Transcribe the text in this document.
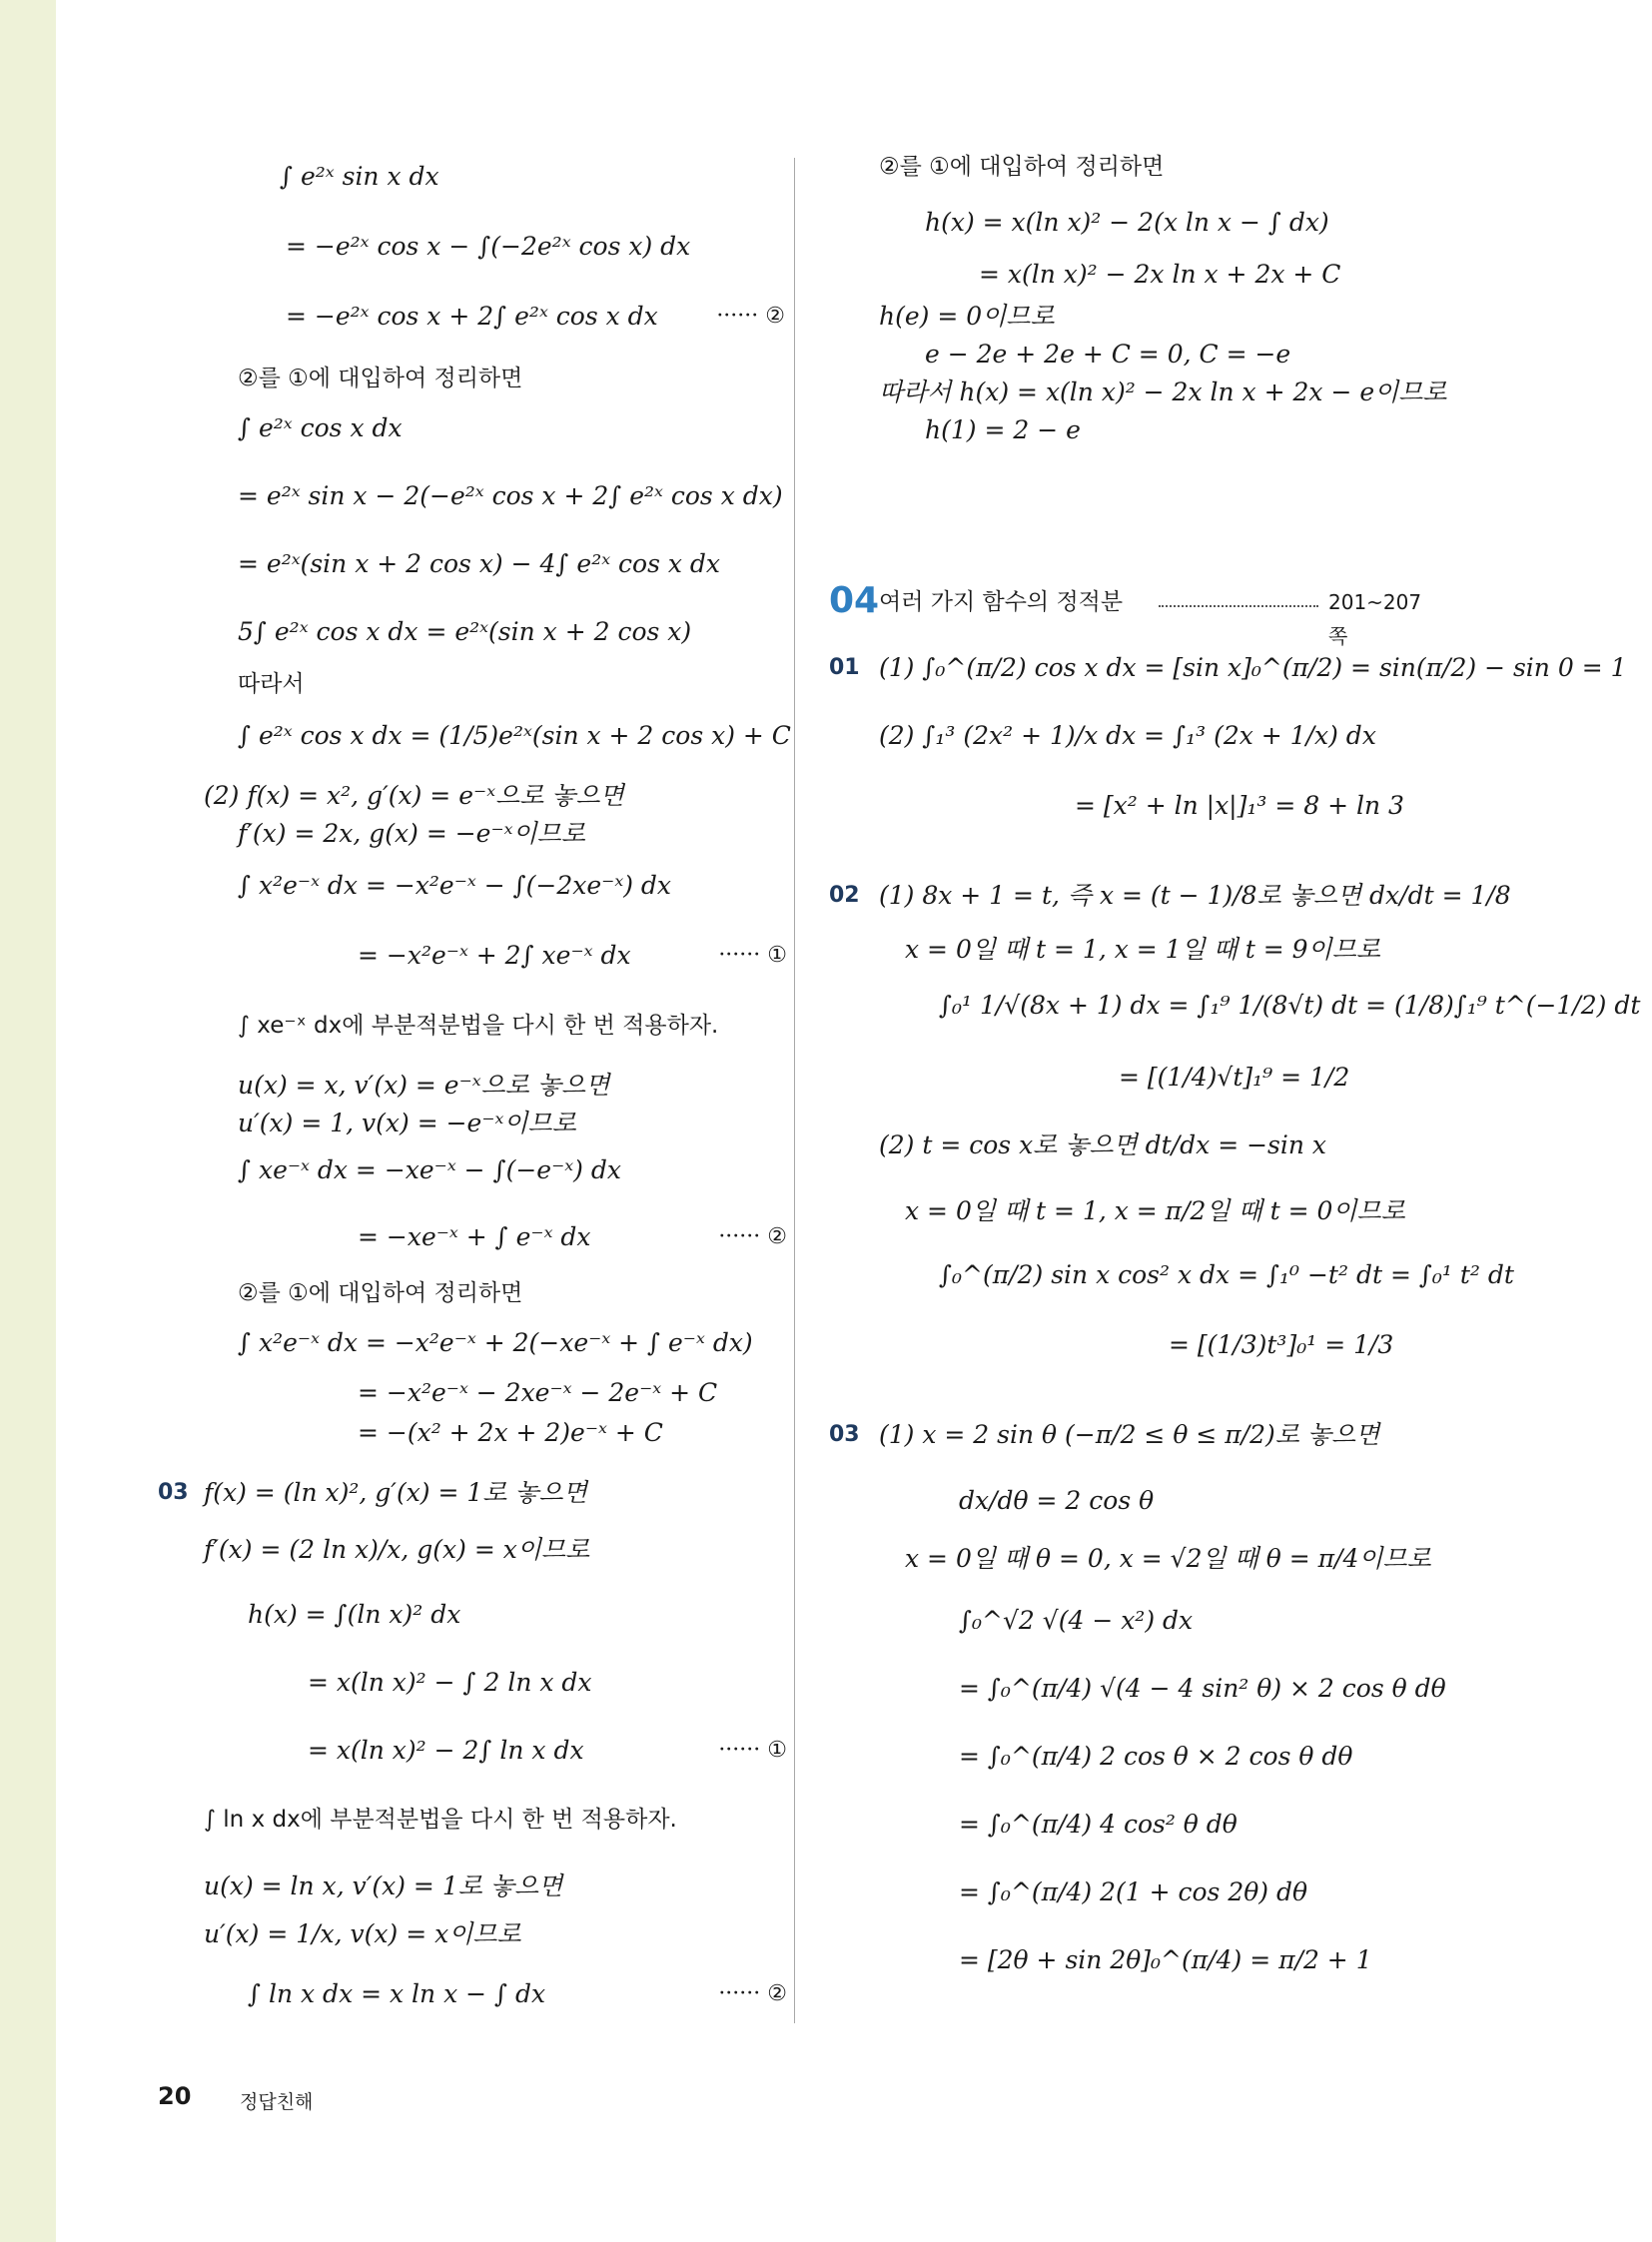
∫ e²ˣ sin x dx
= −e²ˣ cos x − ∫(−2e²ˣ cos x) dx
= −e²ˣ cos x + 2∫ e²ˣ cos x dx	······ ②
②를 ①에 대입하여 정리하면
∫ e²ˣ cos x dx
= e²ˣ sin x − 2(−e²ˣ cos x + 2∫ e²ˣ cos x dx)
= e²ˣ(sin x + 2 cos x) − 4∫ e²ˣ cos x dx
5∫ e²ˣ cos x dx = e²ˣ(sin x + 2 cos x)
따라서
∫ e²ˣ cos x dx = (1/5)e²ˣ(sin x + 2 cos x) + C
(2) f(x) = x², g′(x) = e⁻ˣ으로 놓으면
f′(x) = 2x, g(x) = −e⁻ˣ이므로
∫ x²e⁻ˣ dx = −x²e⁻ˣ − ∫(−2xe⁻ˣ) dx
= −x²e⁻ˣ + 2∫ xe⁻ˣ dx	······ ①
∫ xe⁻ˣ dx에 부분적분법을 다시 한 번 적용하자.
u(x) = x, v′(x) = e⁻ˣ으로 놓으면
u′(x) = 1, v(x) = −e⁻ˣ이므로
∫ xe⁻ˣ dx = −xe⁻ˣ − ∫(−e⁻ˣ) dx
= −xe⁻ˣ + ∫ e⁻ˣ dx	······ ②
②를 ①에 대입하여 정리하면
∫ x²e⁻ˣ dx = −x²e⁻ˣ + 2(−xe⁻ˣ + ∫ e⁻ˣ dx)
= −x²e⁻ˣ − 2xe⁻ˣ − 2e⁻ˣ + C
= −(x² + 2x + 2)e⁻ˣ + C
03 f(x) = (ln x)², g′(x) = 1로 놓으면
f′(x) = (2 ln x)/x, g(x) = x이므로
h(x) = ∫(ln x)² dx
= x(ln x)² − ∫ 2 ln x dx
= x(ln x)² − 2∫ ln x dx	······ ①
∫ ln x dx에 부분적분법을 다시 한 번 적용하자.
u(x) = ln x, v′(x) = 1로 놓으면
u′(x) = 1/x, v(x) = x이므로
∫ ln x dx = x ln x − ∫ dx	······ ②
②를 ①에 대입하여 정리하면
h(x) = x(ln x)² − 2(x ln x − ∫ dx)
= x(ln x)² − 2x ln x + 2x + C
h(e) = 0이므로
e − 2e + 2e + C = 0, C = −e
따라서 h(x) = x(ln x)² − 2x ln x + 2x − e이므로
h(1) = 2 − e
04 여러 가지 함수의 정적분	201~207쪽
01 (1) ∫₀^(π/2) cos x dx = [sin x]₀^(π/2) = sin(π/2) − sin 0 = 1
(2) ∫₁³ (2x² + 1)/x dx = ∫₁³ (2x + 1/x) dx
= [x² + ln |x|]₁³ = 8 + ln 3
02 (1) 8x + 1 = t, 즉 x = (t − 1)/8로 놓으면 dx/dt = 1/8
x = 0일 때 t = 1, x = 1일 때 t = 9이므로
∫₀¹ 1/√(8x + 1) dx = ∫₁⁹ 1/(8√t) dt = (1/8)∫₁⁹ t^(−1/2) dt
= [(1/4)√t]₁⁹ = 1/2
(2) t = cos x로 놓으면 dt/dx = −sin x
x = 0일 때 t = 1, x = π/2일 때 t = 0이므로
∫₀^(π/2) sin x cos² x dx = ∫₁⁰ −t² dt = ∫₀¹ t² dt
= [(1/3)t³]₀¹ = 1/3
03 (1) x = 2 sin θ (−π/2 ≤ θ ≤ π/2)로 놓으면
dx/dθ = 2 cos θ
x = 0일 때 θ = 0, x = √2일 때 θ = π/4이므로
∫₀^√2 √(4 − x²) dx
= ∫₀^(π/4) √(4 − 4 sin² θ) × 2 cos θ dθ
= ∫₀^(π/4) 2 cos θ × 2 cos θ dθ
= ∫₀^(π/4) 4 cos² θ dθ
= ∫₀^(π/4) 2(1 + cos 2θ) dθ
= [2θ + sin 2θ]₀^(π/4) = π/2 + 1
20	정답친해
